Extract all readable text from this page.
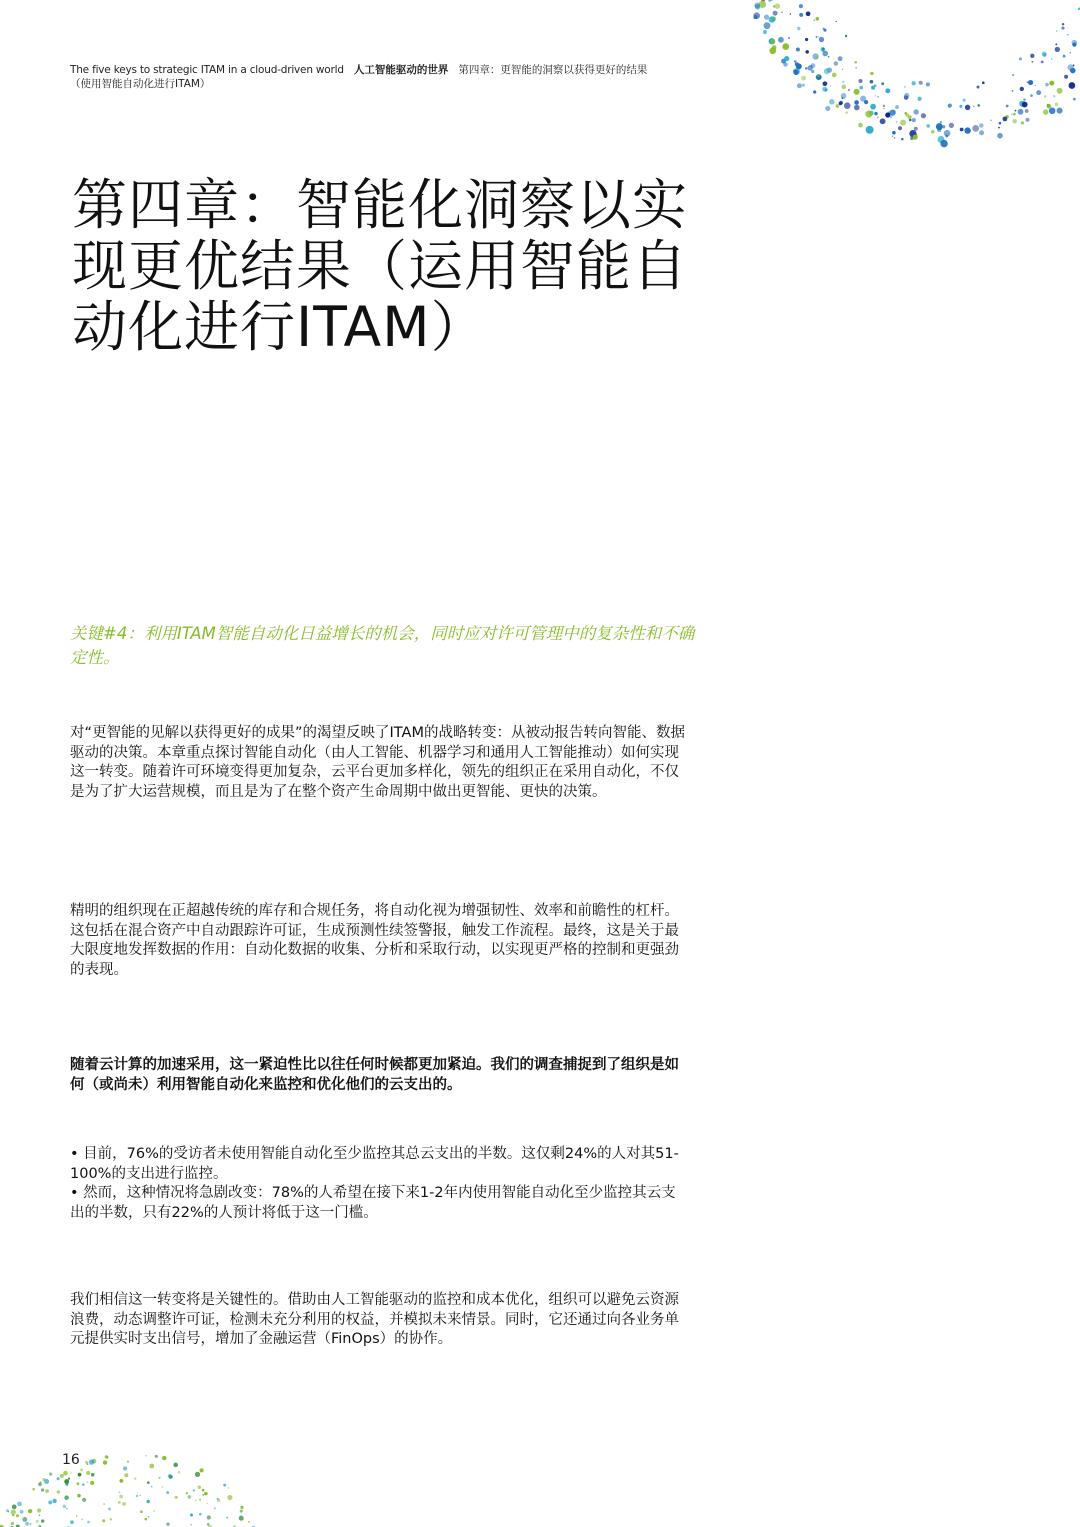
The five keys to strategic ITAM in a cloud-driven world 人工智能驱动的世界 第四章：更智能的洞察以获得更好的结果（使用智能自动化进行ITAM）
第四章：智能化洞察以实现更优结果（运用智能自动化进行ITAM）

关键#4：利用ITAM智能自动化日益增长的机会，同时应对许可管理中的复杂性和不确定性。

对“更智能的见解以获得更好的成果”的渴望反映了ITAM的战略转变：从被动报告转向智能、数据驱动的决策。本章重点探讨智能自动化（由人工智能、机器学习和通用人工智能推动）如何实现这一转变。随着许可环境变得更加复杂，云平台更加多样化，领先的组织正在采用自动化，不仅是为了扩大运营规模，而且是为了在整个资产生命周期中做出更智能、更快的决策。

精明的组织现在正超越传统的库存和合规任务，将自动化视为增强韧性、效率和前瞻性的杠杆。这包括在混合资产中自动跟踪许可证，生成预测性续签警报，触发工作流程。最终，这是关于最大限度地发挥数据的作用：自动化数据的收集、分析和采取行动，以实现更严格的控制和更强劲的表现。

随着云计算的加速采用，这一紧迫性比以往任何时候都更加紧迫。我们的调查捕捉到了组织是如何（或尚未）利用智能自动化来监控和优化他们的云支出的。

• 目前，76%的受访者未使用智能自动化至少监控其总云支出的半数。这仅剩24%的人对其51-100%的支出进行监控。
• 然而，这种情况将急剧改变：78%的人希望在接下来1-2年内使用智能自动化至少监控其云支出的半数，只有22%的人预计将低于这一门槛。

我们相信这一转变将是关键性的。借助由人工智能驱动的监控和成本优化，组织可以避免云资源浪费，动态调整许可证，检测未充分利用的权益，并模拟未来情景。同时，它还通过向各业务单元提供实时支出信号，增加了金融运营（FinOps）的协作。

16
